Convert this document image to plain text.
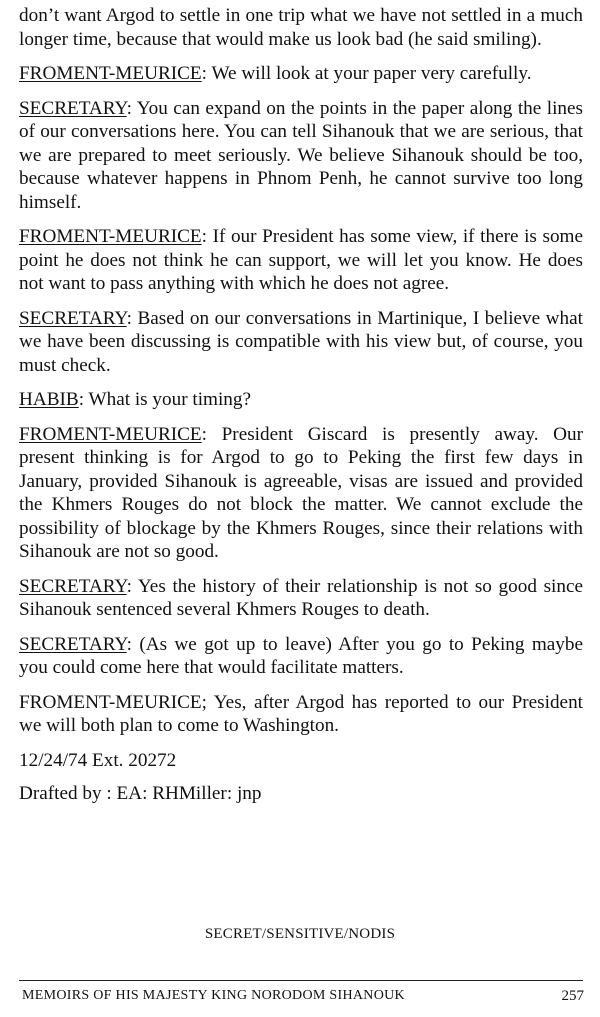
don’t want Argod to settle in one trip what we have not settled in a much longer time, because that would make us look bad (he said smiling).

FROMENT-MEURICE: We will look at your paper very carefully.

SECRETARY: You can expand on the points in the paper along the lines of our conversations here. You can tell Sihanouk that we are serious, that we are prepared to meet seriously. We believe Sihanouk should be too, because whatever happens in Phnom Penh, he cannot survive too long himself.

FROMENT-MEURICE: If our President has some view, if there is some point he does not think he can support, we will let you know. He does not want to pass anything with which he does not agree.

SECRETARY: Based on our conversations in Martinique, I believe what we have been discussing is compatible with his view but, of course, you must check.

HABIB: What is your timing?

FROMENT-MEURICE: President Giscard is presently away. Our present thinking is for Argod to go to Peking the first few days in January, provided Sihanouk is agreeable, visas are issued and provided the Khmers Rouges do not block the matter. We cannot exclude the possibility of blockage by the Khmers Rouges, since their relations with Sihanouk are not so good.

SECRETARY: Yes the history of their relationship is not so good since Sihanouk sentenced several Khmers Rouges to death.

SECRETARY: (As we got up to leave) After you go to Peking maybe you could come here that would facilitate matters.

FROMENT-MEURICE; Yes, after Argod has reported to our President we will both plan to come to Washington.

12/24/74 Ext. 20272

Drafted by : EA: RHMiller: jnp

SECRET/SENSITIVE/NODIS
MEMOIRS OF HIS MAJESTY KING NORODOM SIHANOUK	257
